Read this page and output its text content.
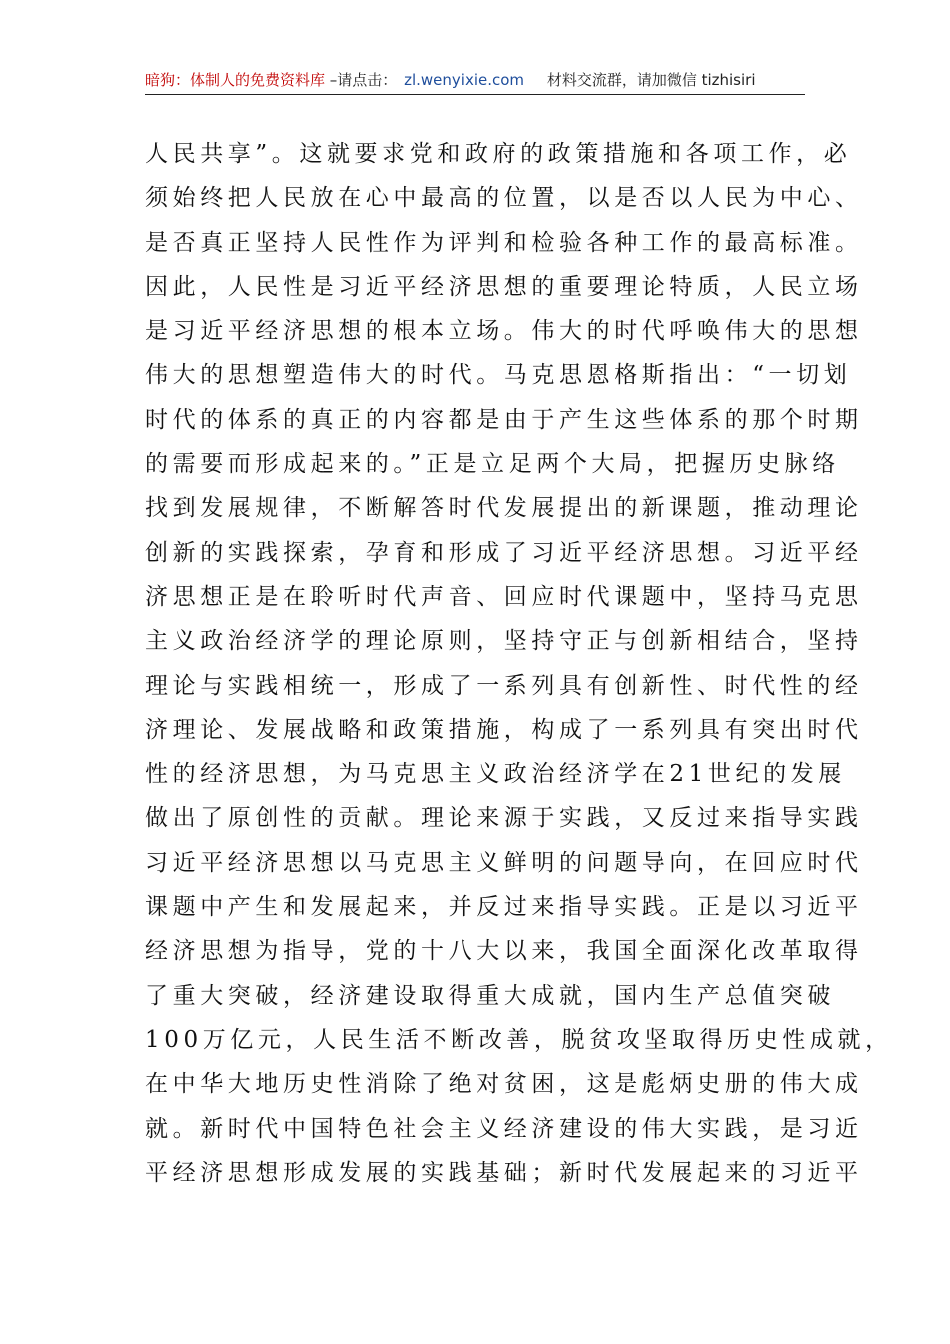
暗狗：体制人的免费资料库 –请点击： zl.wenyixie.com 材料交流群，请加微信 tizhisiri
人民共享”。这就要求党和政府的政策措施和各项工作，必
须始终把人民放在心中最高的位置，以是否以人民为中心、
是否真正坚持人民性作为评判和检验各种工作的最高标准。
因此，人民性是习近平经济思想的重要理论特质，人民立场
是习近平经济思想的根本立场。伟大的时代呼唤伟大的思想
伟大的思想塑造伟大的时代。马克思恩格斯指出：“一切划
时代的体系的真正的内容都是由于产生这些体系的那个时期
的需要而形成起来的。”正是立足两个大局，把握历史脉络
找到发展规律，不断解答时代发展提出的新课题，推动理论
创新的实践探索，孕育和形成了习近平经济思想。习近平经
济思想正是在聆听时代声音、回应时代课题中，坚持马克思
主义政治经济学的理论原则，坚持守正与创新相结合，坚持
理论与实践相统一，形成了一系列具有创新性、时代性的经
济理论、发展战略和政策措施，构成了一系列具有突出时代
性的经济思想，为马克思主义政治经济学在21世纪的发展
做出了原创性的贡献。理论来源于实践，又反过来指导实践
习近平经济思想以马克思主义鲜明的问题导向，在回应时代
课题中产生和发展起来，并反过来指导实践。正是以习近平
经济思想为指导，党的十八大以来，我国全面深化改革取得
了重大突破，经济建设取得重大成就，国内生产总值突破
100万亿元，人民生活不断改善，脱贫攻坚取得历史性成就，
在中华大地历史性消除了绝对贫困，这是彪炳史册的伟大成
就。新时代中国特色社会主义经济建设的伟大实践，是习近
平经济思想形成发展的实践基础；新时代发展起来的习近平
